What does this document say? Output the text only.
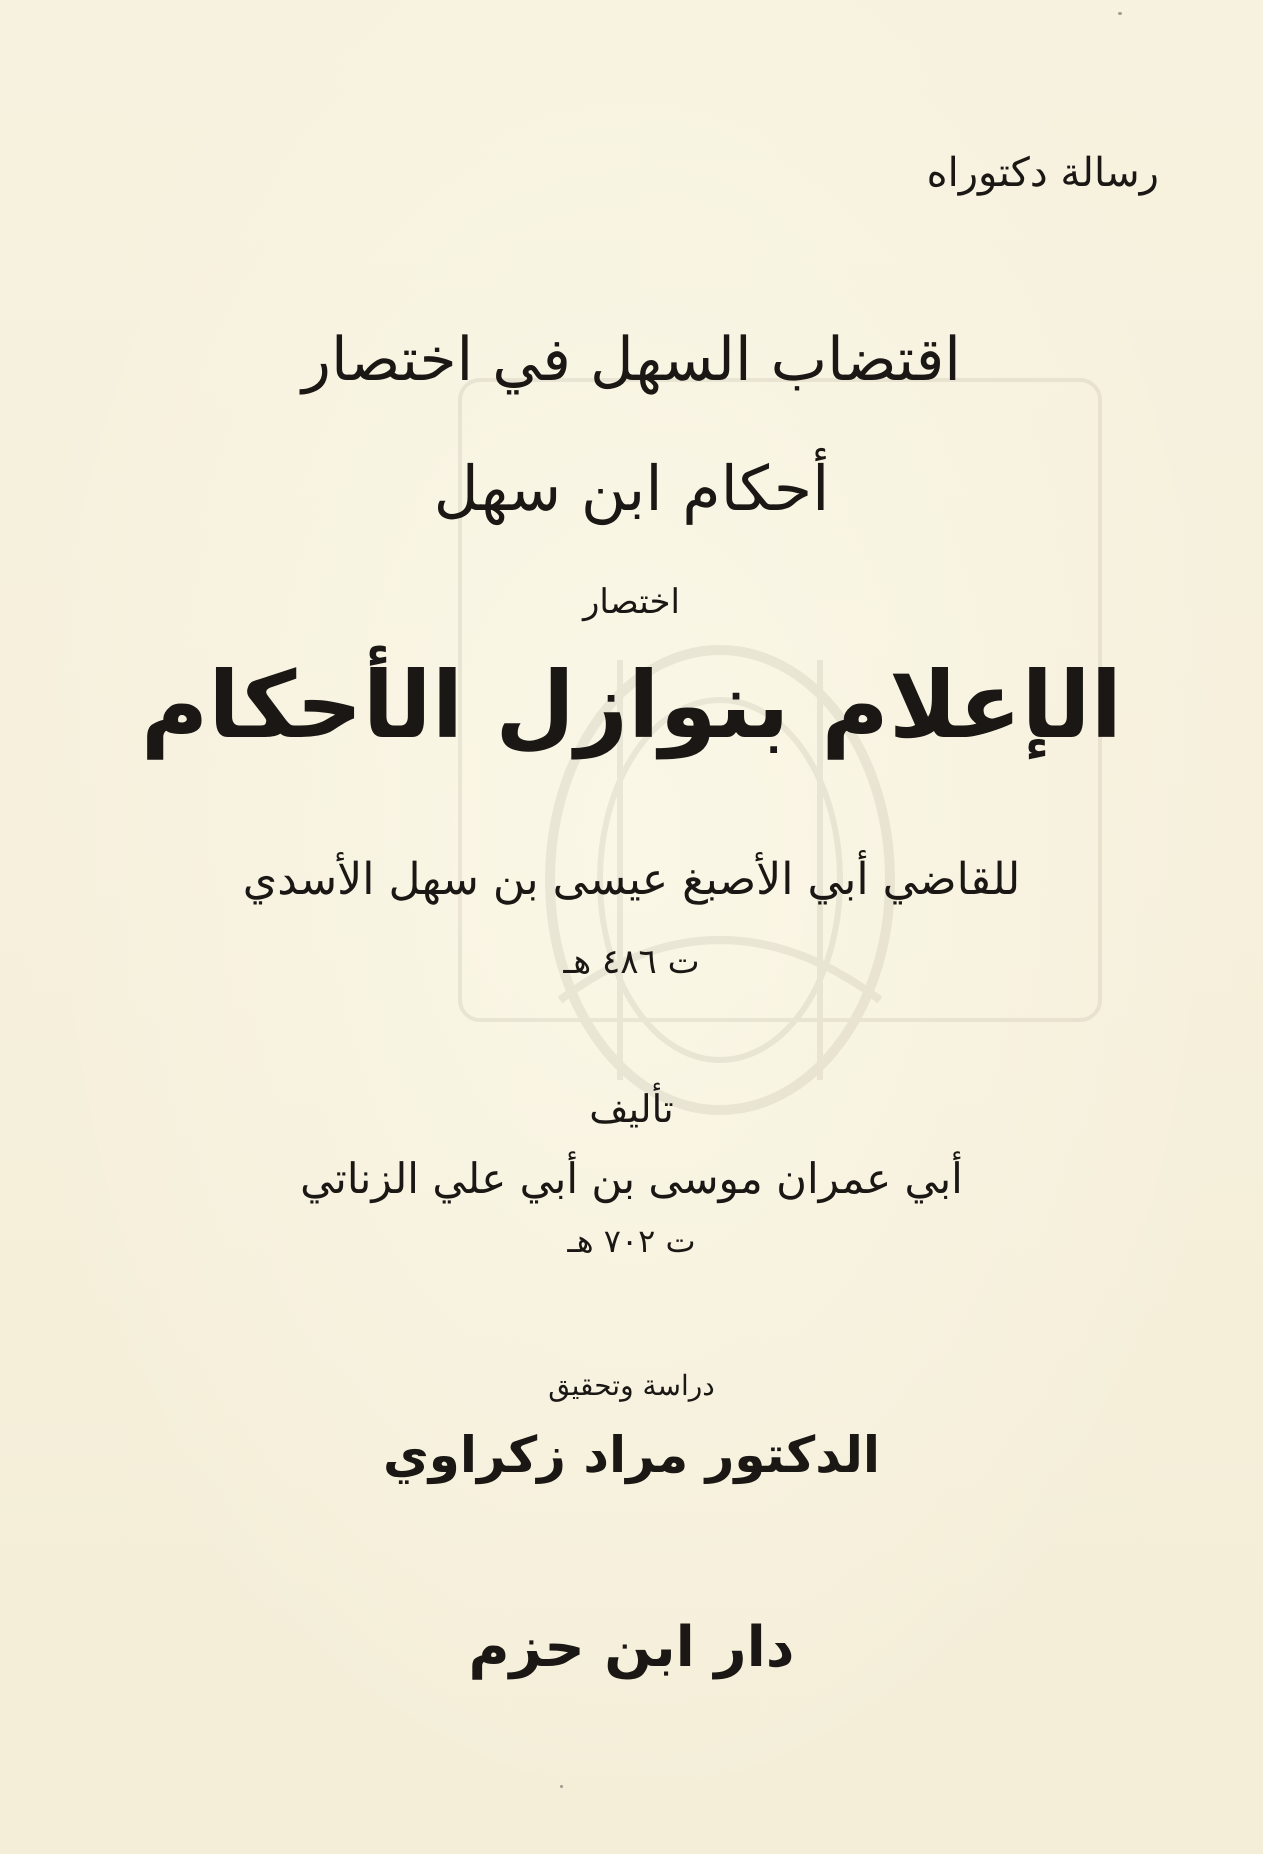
رسالة دكتوراه
اقتضاب السهل في اختصار
أحكام ابن سهل
اختصار
الإعلام بنوازل الأحكام
للقاضي أبي الأصبغ عيسى بن سهل الأسدي
ت ٤٨٦ هـ
تأليف
أبي عمران موسى بن أبي علي الزناتي
ت ٧٠٢ هـ
دراسة وتحقيق
الدكتور مراد زكراوي
دار ابن حزم
